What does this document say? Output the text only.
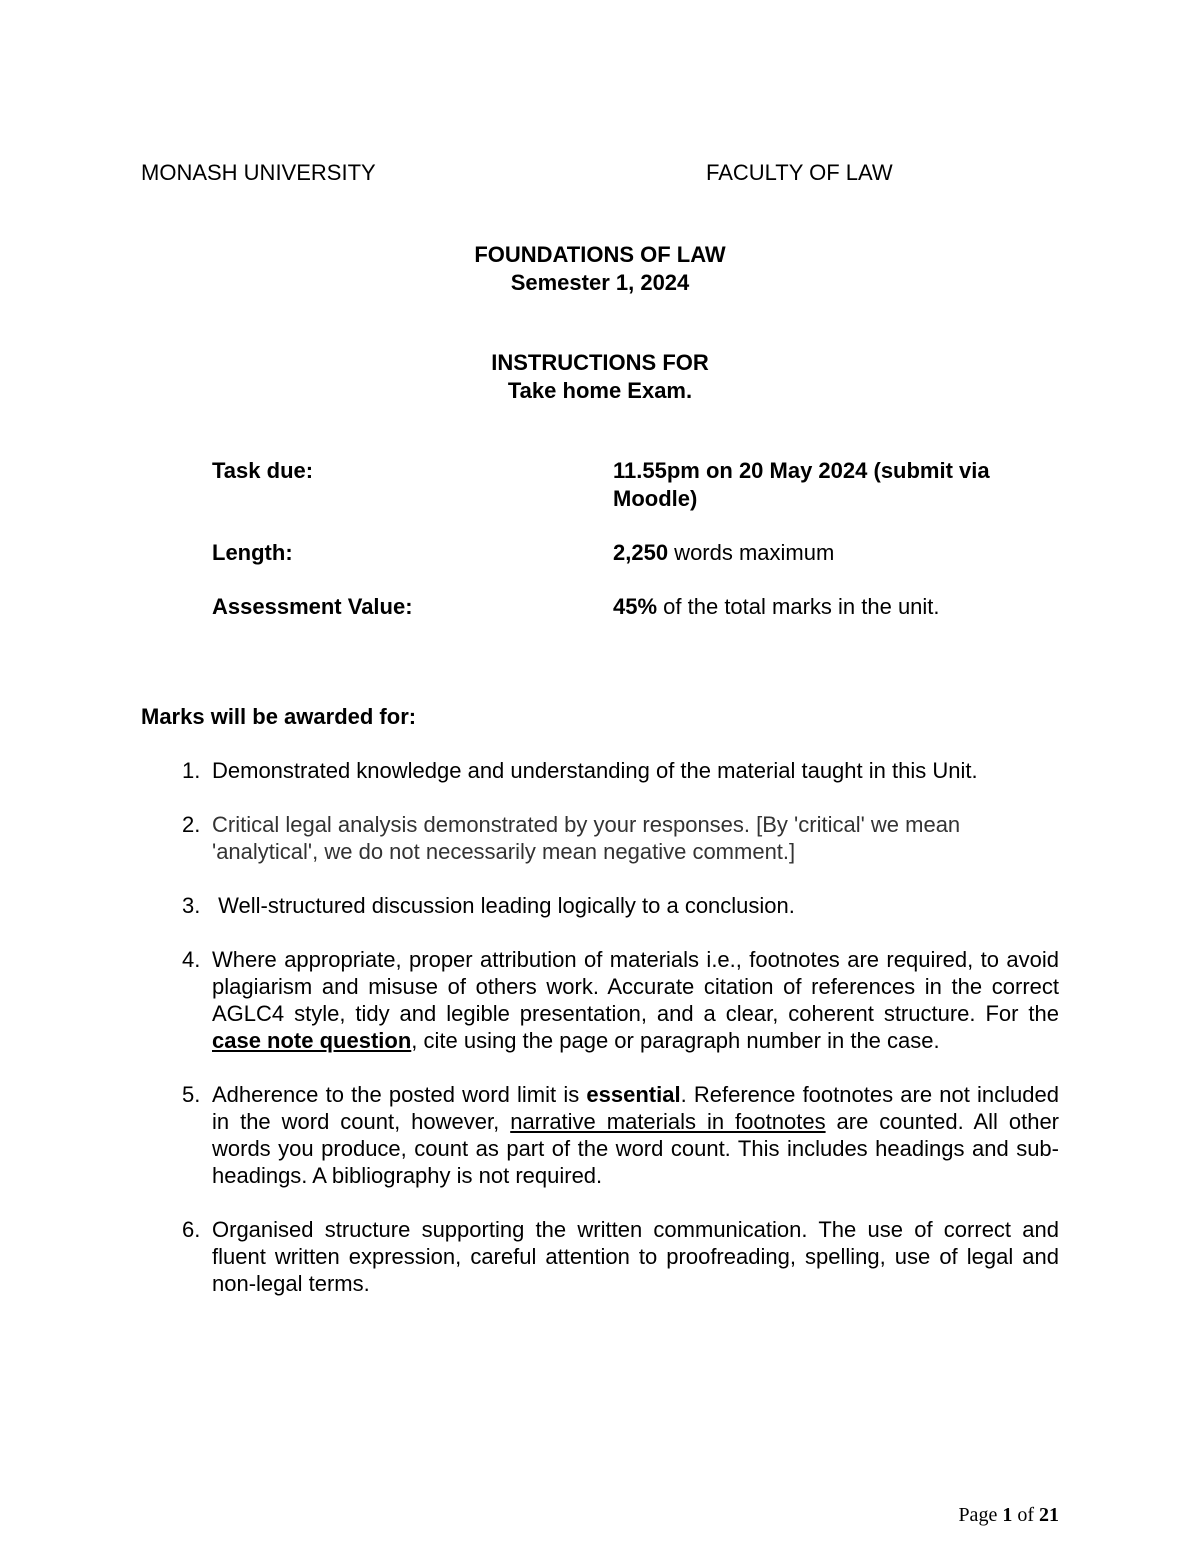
MONASH UNIVERSITY	FACULTY OF LAW
FOUNDATIONS OF LAW
Semester 1, 2024
INSTRUCTIONS FOR
Take home Exam.
Task due:	11.55pm on 20 May 2024 (submit via Moodle)
Length:	2,250 words maximum
Assessment Value:	45% of the total marks in the unit.
Marks will be awarded for:
1. Demonstrated knowledge and understanding of the material taught in this Unit.
2. Critical legal analysis demonstrated by your responses. [By 'critical' we mean 'analytical', we do not necessarily mean negative comment.]
3. Well-structured discussion leading logically to a conclusion.
4. Where appropriate, proper attribution of materials i.e., footnotes are required, to avoid plagiarism and misuse of others work. Accurate citation of references in the correct AGLC4 style, tidy and legible presentation, and a clear, coherent structure. For the case note question, cite using the page or paragraph number in the case.
5. Adherence to the posted word limit is essential. Reference footnotes are not included in the word count, however, narrative materials in footnotes are counted. All other words you produce, count as part of the word count. This includes headings and sub-headings. A bibliography is not required.
6. Organised structure supporting the written communication. The use of correct and fluent written expression, careful attention to proofreading, spelling, use of legal and non-legal terms.
Page 1 of 21
